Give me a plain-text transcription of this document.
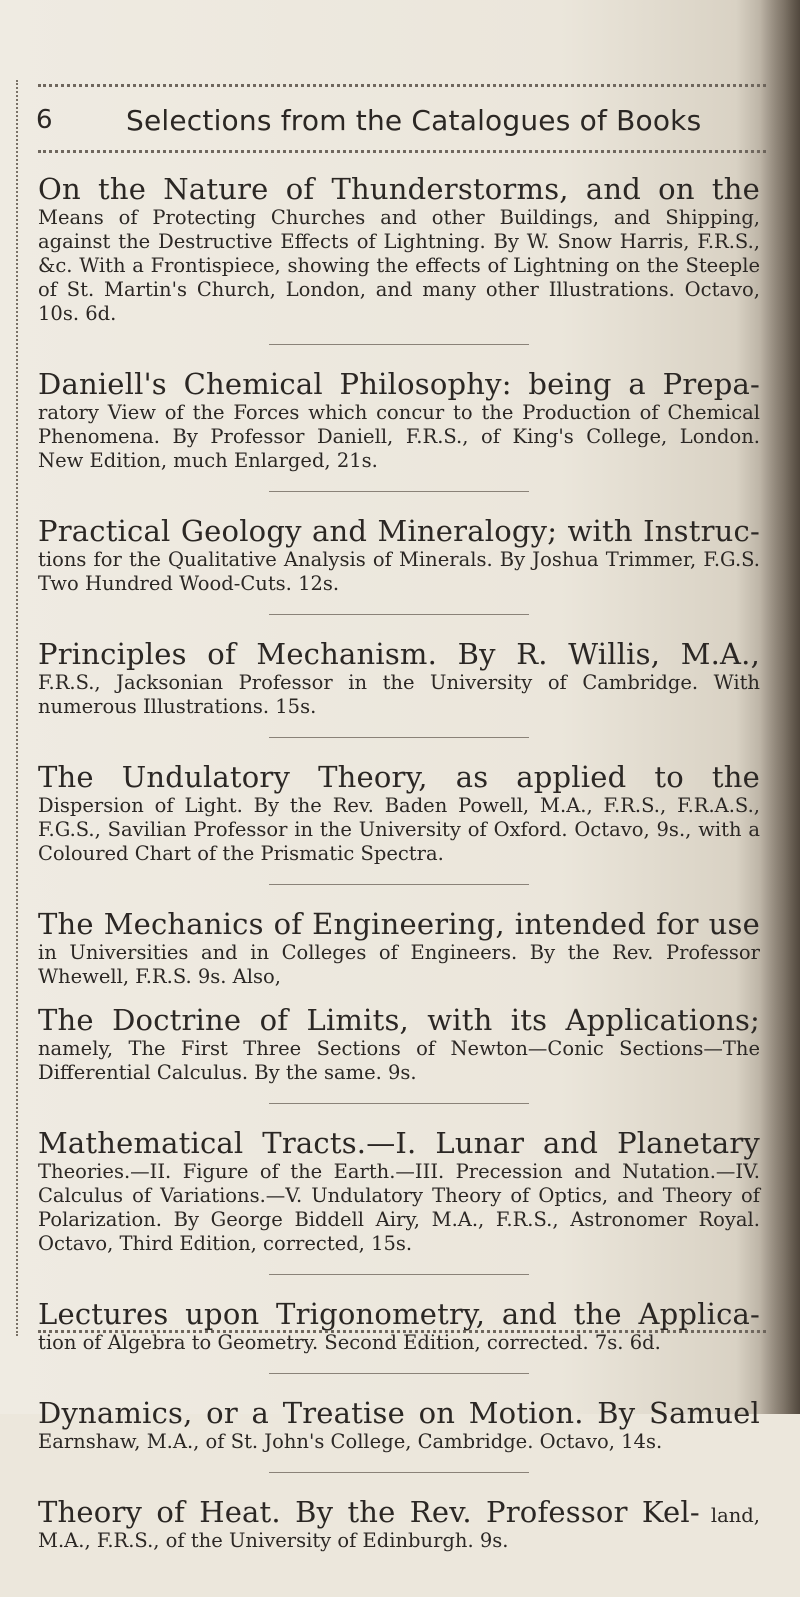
6	Selections from the Catalogues of Books

On the Nature of Thunderstorms, and on the Means of Protecting Churches and other Buildings, and Shipping, against the Destructive Effects of Lightning. By W. Snow Harris, F.R.S., &c. With a Frontispiece, showing the effects of Lightning on the Steeple of St. Martin's Church, London, and many other Illustrations. Octavo, 10s. 6d.

Daniell's Chemical Philosophy: being a Prepa- ratory View of the Forces which concur to the Production of Chemical Phenomena. By Professor Daniell, F.R.S., of King's College, London. New Edition, much Enlarged, 21s.

Practical Geology and Mineralogy; with Instruc- tions for the Qualitative Analysis of Minerals. By Joshua Trimmer, F.G.S. Two Hundred Wood-Cuts. 12s.

Principles of Mechanism. By R. Willis, M.A., F.R.S., Jacksonian Professor in the University of Cambridge. With numerous Illustrations. 15s.

The Undulatory Theory, as applied to the Dispersion of Light. By the Rev. Baden Powell, M.A., F.R.S., F.R.A.S., F.G.S., Savilian Professor in the University of Oxford. Octavo, 9s., with a Coloured Chart of the Prismatic Spectra.

The Mechanics of Engineering, intended for use in Universities and in Colleges of Engineers. By the Rev. Professor Whewell, F.R.S. 9s. Also,

The Doctrine of Limits, with its Applications; namely, The First Three Sections of Newton—Conic Sections—The Differential Calculus. By the same. 9s.

Mathematical Tracts.—I. Lunar and Planetary Theories.—II. Figure of the Earth.—III. Precession and Nutation.—IV. Calculus of Variations.—V. Undulatory Theory of Optics, and Theory of Polarization. By George Biddell Airy, M.A., F.R.S., Astronomer Royal. Octavo, Third Edition, corrected, 15s.

Lectures upon Trigonometry, and the Applica- tion of Algebra to Geometry. Second Edition, corrected. 7s. 6d.

Dynamics, or a Treatise on Motion. By Samuel Earnshaw, M.A., of St. John's College, Cambridge. Octavo, 14s.

Theory of Heat. By the Rev. Professor Kel- land, M.A., F.R.S., of the University of Edinburgh. 9s.
